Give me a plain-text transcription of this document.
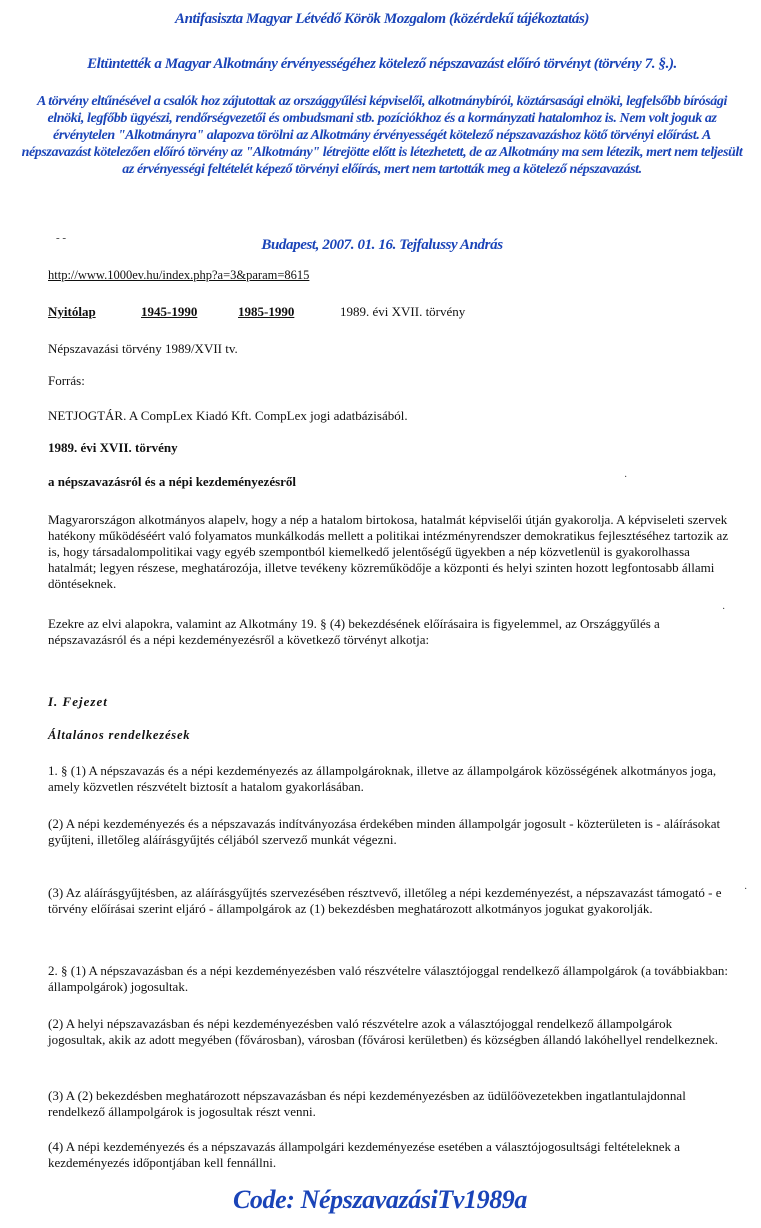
Antifasiszta Magyar Létvédő Körök Mozgalom (közérdekű tájékoztatás)
Eltüntették a Magyar Alkotmány érvényességéhez kötelező népszavazást előíró törvényt (törvény 7. §.).
A törvény eltűnésével a csalók hoz zájutottak az országgyűlési képviselői, alkotmánybírói, köztársasági elnöki, legfelsőbb bírósági elnöki, legfőbb ügyészi, rendőrségvezetői és ombudsmani stb. pozíciókhoz és a kormányzati hatalomhoz is. Nem volt joguk az érvénytelen "Alkotmányra" alapozva törölni az Alkotmány érvényességét kötelező népszavazáshoz kötő törvényi előírást. A népszavazást kötelezően előíró törvény az "Alkotmány" létrejötte előtt is létezhetett, de az Alkotmány ma sem létezik, mert nem teljesült az érvényességi feltételét képező törvényi előírás, mert nem tartották meg a kötelező népszavazást.
- -	Budapest, 2007. 01. 16. Tejfalussy András
http://www.1000ev.hu/index.php?a=3&param=8615
Nyitólap	1945-1990	1985-1990	1989. évi XVII. törvény
Népszavazási törvény 1989/XVII tv.
Forrás:
NETJOGTÁR. A CompLex Kiadó Kft. CompLex jogi adatbázisából.
1989. évi XVII. törvény
a népszavazásról és a népi kezdeményezésről
Magyarországon alkotmányos alapelv, hogy a nép a hatalom birtokosa, hatalmát képviselői útján gyakorolja. A képviseleti szervek hatékony működéséért való folyamatos munkálkodás mellett a politikai intézményrendszer demokratikus fejlesztéséhez tartozik az is, hogy társadalompolitikai vagy egyéb szempontból kiemelkedő jelentőségű ügyekben a nép közvetlenül is gyakorolhassa hatalmát; legyen részese, meghatározója, illetve tevékeny közreműködője a központi és helyi szinten hozott legfontosabb állami döntéseknek.
Ezekre az elvi alapokra, valamint az Alkotmány 19. § (4) bekezdésének előírásaira is figyelemmel, az Országgyűlés a népszavazásról és a népi kezdeményezésről a következő törvényt alkotja:
I. Fejezet
Általános rendelkezések
1. § (1) A népszavazás és a népi kezdeményezés az állampolgároknak, illetve az állampolgárok közösségének alkotmányos joga, amely közvetlen részvételt biztosít a hatalom gyakorlásában.
(2) A népi kezdeményezés és a népszavazás indítványozása érdekében minden állampolgár jogosult - közterületen is - aláírásokat gyűjteni, illetőleg aláírásgyűjtés céljából szervező munkát végezni.
(3) Az aláírásgyűjtésben, az aláírásgyűjtés szervezésében résztvevő, illetőleg a népi kezdeményezést, a népszavazást támogató - e törvény előírásai szerint eljáró - állampolgárok az (1) bekezdésben meghatározott alkotmányos jogukat gyakorolják.
2. § (1) A népszavazásban és a népi kezdeményezésben való részvételre választójoggal rendelkező állampolgárok (a továbbiakban: állampolgárok) jogosultak.
(2) A helyi népszavazásban és népi kezdeményezésben való részvételre azok a választójoggal rendelkező állampolgárok jogosultak, akik az adott megyében (fővárosban), városban (fővárosi kerületben) és községben állandó lakóhellyel rendelkeznek.
(3) A (2) bekezdésben meghatározott népszavazásban és népi kezdeményezésben az üdülőövezetekben ingatlantulajdonnal rendelkező állampolgárok is jogosultak részt venni.
(4) A népi kezdeményezés és a népszavazás állampolgári kezdeményezése esetében a választójogosultsági feltételeknek a kezdeményezés időpontjában kell fennállni.
·
·
·
Code: NépszavazásiTv1989a
